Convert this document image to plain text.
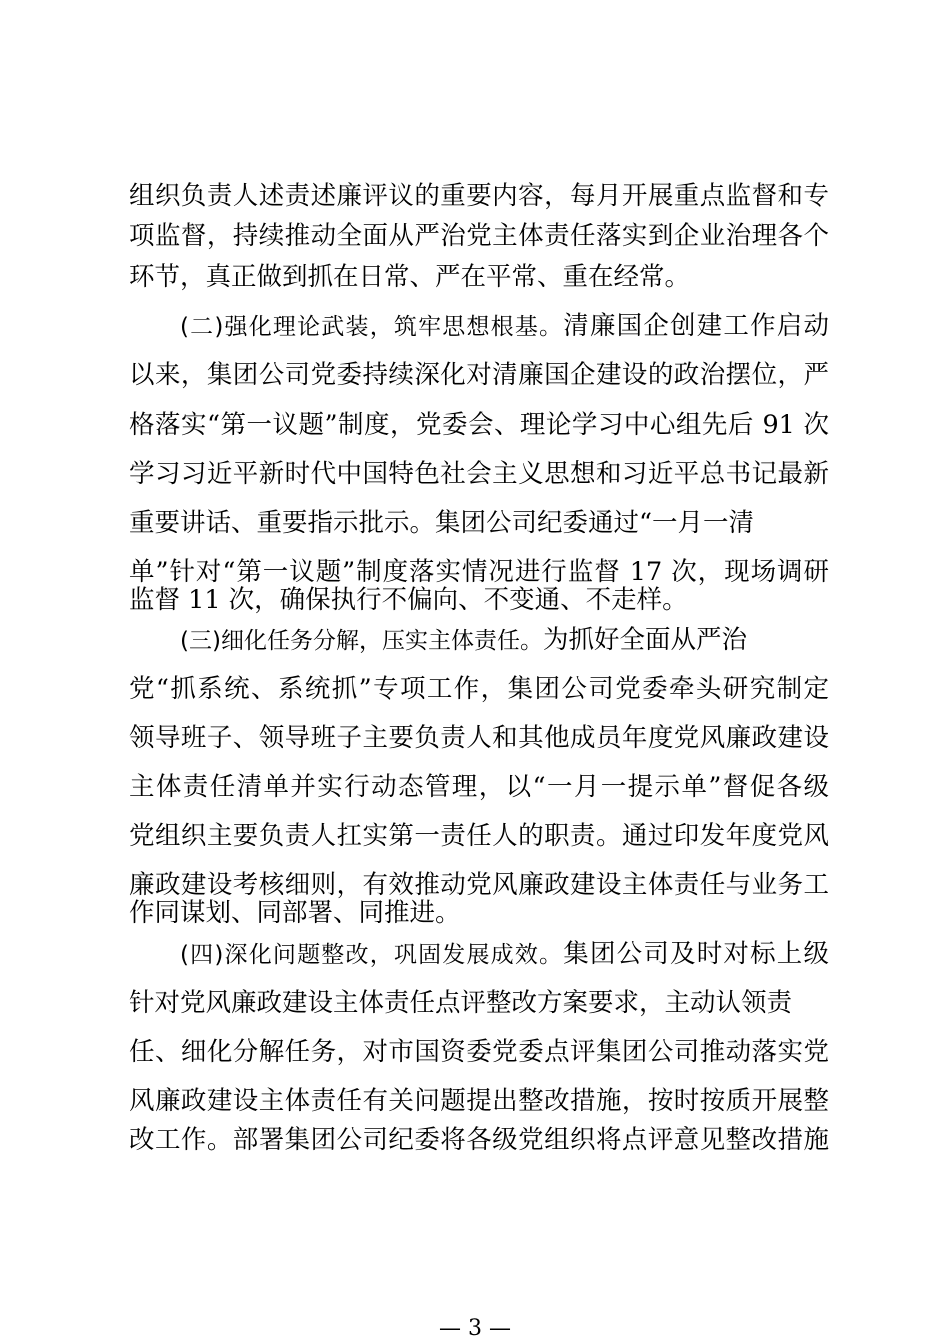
组织负责人述责述廉评议的重要内容，每月开展重点监督和专
项监督，持续推动全面从严治党主体责任落实到企业治理各个
环节，真正做到抓在日常、严在平常、重在经常。
(二)强化理论武装，筑牢思想根基。清廉国企创建工作启动
以来，集团公司党委持续深化对清廉国企建设的政治摆位，严
格落实“第一议题”制度，党委会、理论学习中心组先后 91 次
学习习近平新时代中国特色社会主义思想和习近平总书记最新
重要讲话、重要指示批示。集团公司纪委通过“一月一清
单”针对“第一议题”制度落实情况进行监督 17 次，现场调研
监督 11 次，确保执行不偏向、不变通、不走样。
(三)细化任务分解，压实主体责任。为抓好全面从严治
党“抓系统、系统抓”专项工作，集团公司党委牵头研究制定
领导班子、领导班子主要负责人和其他成员年度党风廉政建设
主体责任清单并实行动态管理，以“一月一提示单”督促各级
党组织主要负责人扛实第一责任人的职责。通过印发年度党风
廉政建设考核细则，有效推动党风廉政建设主体责任与业务工
作同谋划、同部署、同推进。
(四)深化问题整改，巩固发展成效。集团公司及时对标上级
针对党风廉政建设主体责任点评整改方案要求，主动认领责
任、细化分解任务，对市国资委党委点评集团公司推动落实党
风廉政建设主体责任有关问题提出整改措施，按时按质开展整
改工作。部署集团公司纪委将各级党组织将点评意见整改措施
— 3 —
